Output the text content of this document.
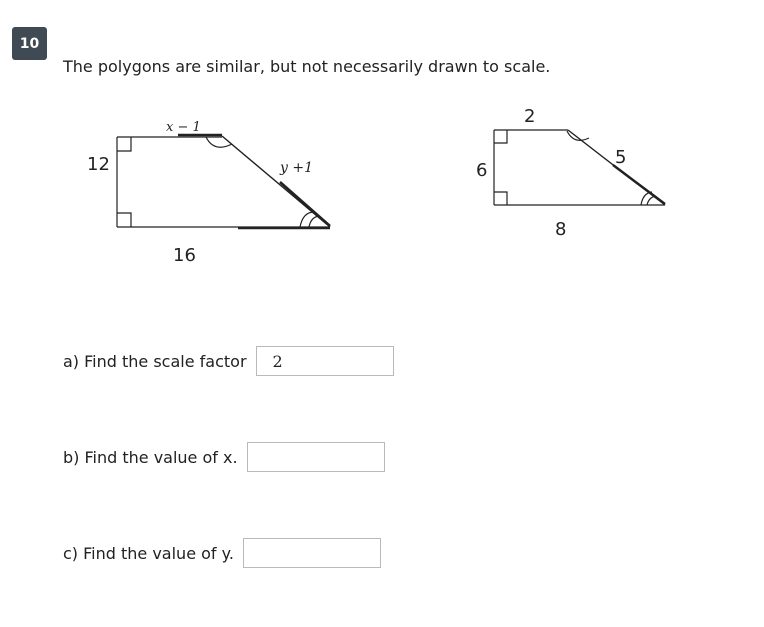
10
The polygons are similar, but not necessarily drawn to scale.
x − 1
12	y +1
16
2
6
5
8
a) Find the scale factor
2
b) Find the value of x.
c) Find the value of y.
